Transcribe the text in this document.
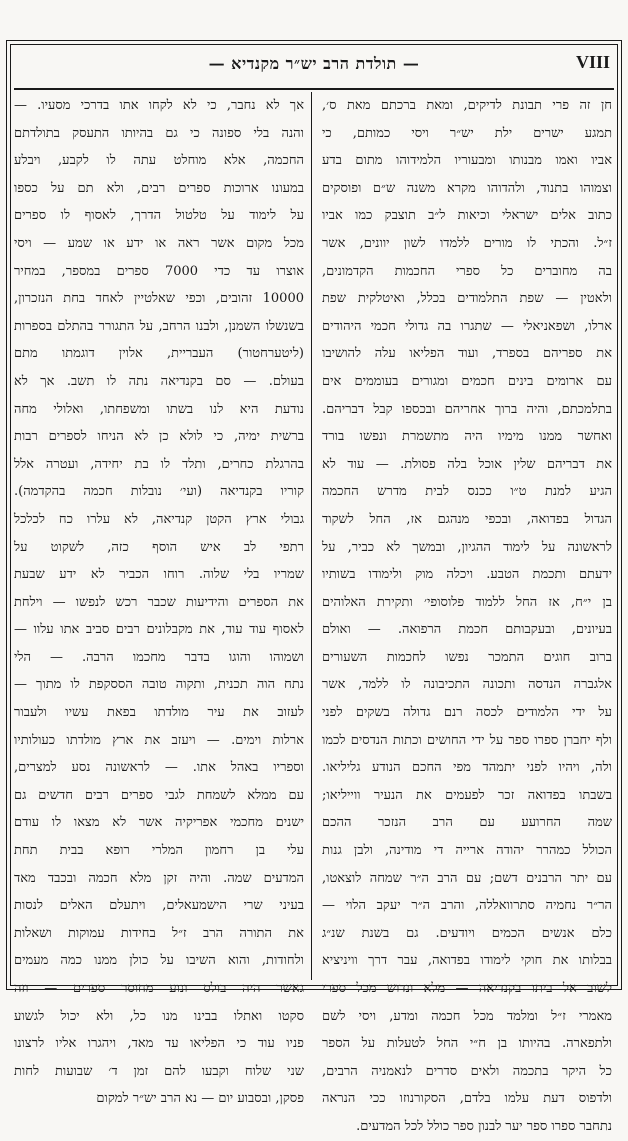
— תולדת הרב יש״ר מקנדיא —	VIII
חן זה פרי תבונת לדיקים, ומאת ברכתם מאת ס׳,
תמגע ישרים ילת יש״ר ויסי כמותם, כי
אביו ואמו מבנותו ומבעוריו הלמידוהו מתום בדע
וצמוהו בתנוד, ולהדוהו מקרא משנה ש״ם ופוסקים
כתוב אלים ישראלי וכיאות ל״ב תוצבק כמו אביו
ז״ל. והכתי לו מורים ללמדו לשון יוונים, אשר
בה מחוברים כל ספרי החכמות הקדמונים,
ולאטין — שפת התלמודים בכלל, ואיטלקית שפת
ארלו, ושפאניאלי — שתגרו בה גדולי חכמי היהודים
את ספריהם בספרד, ועוד הפליאו עלה להושיבו
עם ארומים בינים חכמים ומגורים בעוממים אים
בתלמכתם, והיה ברוך אחריהם ובכספו קבל דבריהם.
ואחשר ממנו מימיו היה מתשמרת ונפשו בורד
את דבריהם שלין אוכל בלה פסולת. — עוד לא
הגיע למנת ט״ו ככנס לבית מדרש החכמה
הגדול בפדואה, ובכפי מנהגם אז, החל לשקוד
לראשונה על לימוד ההגיון, ובמשך לא כביר, על
ידעתם ותכמת הטבע. ויכלה מוק ולימודו בשותיו
בן י״ח, אז החל ללמוד פלוסופי׳ ותקירת האלוהים
בעיונים, ובעקבותם חכמת הרפואה. — ואולם
ברוב חוגים התמכר נפשו לחכמות השעורים
אלגברה הנדסה ותכונה התכיבונה לו ללמד, אשר
על ידי הלמודים לכסה רנם גדולה בשקים לפני
ולף יחברן ספרו ספר על ידי החושים וכתות הנדסים לכמו
ולה, ויהיו לפני יתמהד מפי החכם הנודע גליליאו.
בשבתו בפדואה זכר לפעמים את הנעיר ווייליאו;
שמה החרועע עם הרב הנזכר ההכם
הכולל כמהרר יהודה ארייה די מודינה, ולבן גנות
עם יתר הרבנים דשם; עם הרב ה״ר שמחה לוצאטו,
הר״ר נחמיה סתרוואללה, והרב ה״ר יעקב הלוי —
כלם אנשים הכמים ויודעים. גם בשנת שנ״ג
בבלותו את חוקי לימודו בפדואה, עבר דרך וויניציא
לשוב אל ביתו בקנדיאה — מלא ונדוש מכל ספרי
מאמרי ז״ל ומלמד מכל חכמה ומדע, ויסי לשם
ולתפארה. בהיותו בן ח״י החל לטעלות על הספר
כל היקר בתכמה ולאים סדרים לנאמניה הרבים,
ולדפוס דעת עלמו בלדם, הסקורנוזו ככי הנראה
נתחבר ספרו ספר יער לבנון ספר כולל לכל המדעים.
אך לא נחבר, כי לא לקחו אתו בדרכי מסעיו. —
והנה בלי ספונה כי גם בהיותו התעסק בתולדתם
החכמה, אלא מוחלט עתה לו לקבע, ויבלע
במעונו ארוכות ספרים רבים, ולא תם על כספו
על לימוד על טלטול הדרך, לאסוף לו ספרים
מכל מקום אשר ראה או ידע או שמע — ויסי
אוצרו עד כדי 7000 ספרים במספר, במחיר
10000 זהובים, וכפי שאלטיין לאחד בחת הנזכרון,
בשנשלו השמנן, ולבנו הרחב, על התגורר בהתלם בספרות
(ליטערחטור) העבריית, אלוין דוגמתו מתם
בעולם. — סם בקנדיאה נתה לו תשב. אך לא
נודעת היא לנו בשתו ומשפחתו, ואלולי מחה
ברשית ימיה, כי לולא כן לא הניחו לספרים רבות
בהרגלת כחרים, ותלד לו בת יחידה, ועטרה אלל
קוריו בקנדיאה (ועי׳ נובלות חכמה בהקדמה).
גבולי ארץ הקטן קנדיאה, לא עלרו כח לכלכל
רתפי לב איש הוסף כזה, לשקוט על
שמריו בלי שלוה. רוחו הכביר לא ידע שבעת
את הספרים והידיעות שכבר רכש לנפשו — וילחת
לאסוף עוד עוד, את מקבלונים רבים סביב אתו עלוו —
ושמוהו והוגו בדבר מחכמו הרבה. — הלי
נתח הוה תכנית, ותקוה טובה הססקפת לו מתוך —
לעזוב את עיר מולדתו בפאת עשיו ולעבור
ארלות וימים. — ויעזב את ארץ מולדתו כעולותיו
וספריו באהל אתו. — לראשונה נסע למצרים,
עם ממלא לשמחת לגבי ספרים רבים חדשים גם
ישנים מחכמי אפריקיה אשר לא מצאו לו עודם
עלי בן רחמון המלרי רופא בבית תחת
המדעים שמה. והיה זקן מלא חכמה ובכבד מאד
בעיני שרי הישמעאלים, ויתעלם האלים לנסות
את התורה הרב ז״ל בחידות עמוקות ושאלות
ולחודות, והוא השיבו על כולן ממנו כמה מעמים
גאשר היה בולס ונוע מחוסר ספרים — וזה
סקטו ואתלו בבינו מנו כל, ולא יכול לגשוע
פניו עוד כי הפליאו עד מאד, ויהגרו אליו לרצונו
שני שלוח וקבעו להם זמן ד׳ שבועות לחות
פסקן, ובסבוע יום — נא הרב יש״ר למקום
